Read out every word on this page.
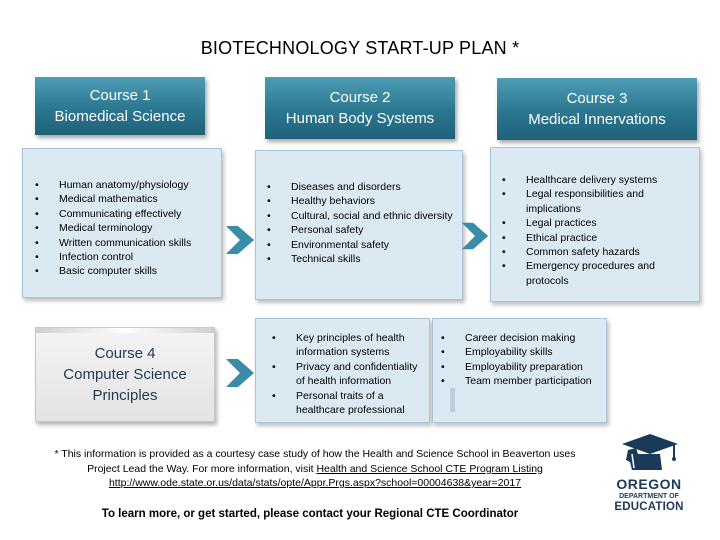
BIOTECHNOLOGY START-UP PLAN *
Course 1
Biomedical Science
Course 2
Human Body Systems
Course 3
Medical Innervations
• Human anatomy/physiology
• Medical mathematics
• Communicating effectively
• Medical terminology
• Written communication skills
• Infection control
• Basic computer skills
• Diseases and disorders
• Healthy behaviors
• Cultural, social and ethnic diversity
• Personal safety
• Environmental safety
• Technical skills
• Healthcare delivery systems
• Legal responsibilities and implications
• Legal practices
• Ethical practice
• Common safety hazards
• Emergency procedures and protocols
• Key principles of health information systems
• Privacy and confidentiality of health information
• Personal traits of a healthcare professional
• Career decision making
• Employability skills
• Employability preparation
• Team member participation
Course 4
Computer Science
Principles
* This information is provided as a courtesy case study of how the Health and Science School in Beaverton uses Project Lead the Way. For more information, visit Health and Science School CTE Program Listing
http://www.ode.state.or.us/data/stats/opte/Appr.Prgs.aspx?school=00004638&year=2017
To learn more, or get started, please contact your Regional CTE Coordinator
OREGON
DEPARTMENT OF
EDUCATION
